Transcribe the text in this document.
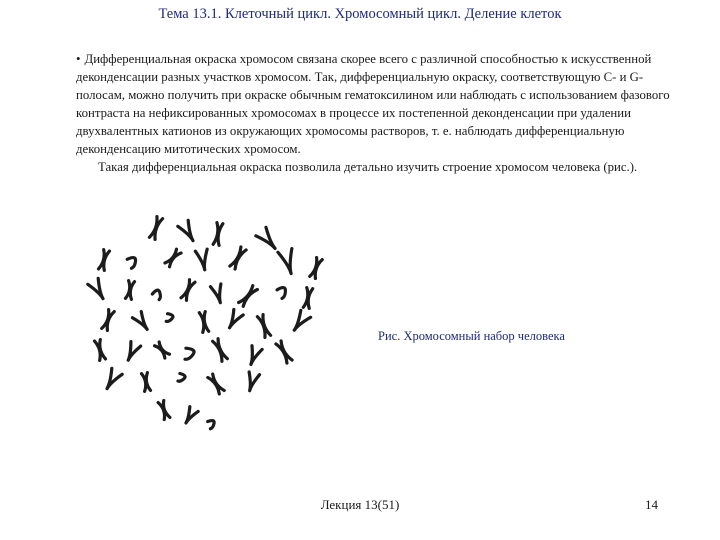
Тема 13.1. Клеточный цикл. Хромосомный цикл. Деление клеток

• Дифференциальная окраска хромосом связана скорее всего с различной способностью к искусственной деконденсации разных участков хромосом. Так, дифференциальную окраску, соответствующую С- и G-полосам, можно получить при окраске обычным гематоксилином или наблюдать с использованием фазового контраста на нефиксированных хромосомах в процессе их постепенной деконденсации при удалении двухвалентных катионов из окружающих хромосомы растворов, т. е. наблюдать дифференциальную деконденсацию митотических хромосом.

Такая дифференциальная окраска позволила детально изучить строение хромосом человека (рис.).

Рис. Хромосомный набор человека
Лекция 13(51)	14
